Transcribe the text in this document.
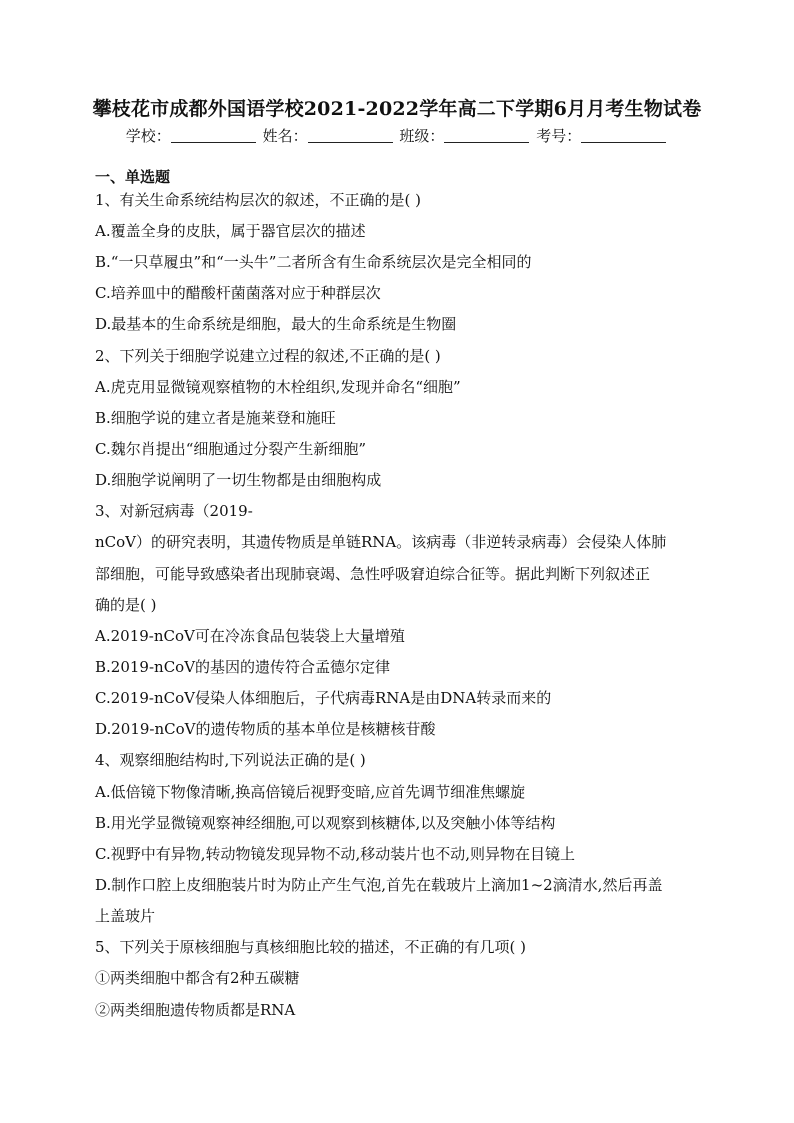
攀枝花市成都外国语学校2021-2022学年高二下学期6月月考生物试卷
学校：	姓名：	班级：	考号：
一、单选题
1、有关生命系统结构层次的叙述，不正确的是( )
A.覆盖全身的皮肤，属于器官层次的描述
B.“一只草履虫”和“一头牛”二者所含有生命系统层次是完全相同的
C.培养皿中的醋酸杆菌菌落对应于种群层次
D.最基本的生命系统是细胞，最大的生命系统是生物圈
2、下列关于细胞学说建立过程的叙述,不正确的是( )
A.虎克用显微镜观察植物的木栓组织,发现并命名“细胞”
B.细胞学说的建立者是施莱登和施旺
C.魏尔肖提出“细胞通过分裂产生新细胞”
D.细胞学说阐明了一切生物都是由细胞构成
3、对新冠病毒（2019-
nCoV）的研究表明，其遗传物质是单链RNA。该病毒（非逆转录病毒）会侵染人体肺
部细胞，可能导致感染者出现肺衰竭、急性呼吸窘迫综合征等。据此判断下列叙述正
确的是( )
A.2019-nCoV可在冷冻食品包装袋上大量增殖
B.2019-nCoV的基因的遗传符合孟德尔定律
C.2019-nCoV侵染人体细胞后，子代病毒RNA是由DNA转录而来的
D.2019-nCoV的遗传物质的基本单位是核糖核苷酸
4、观察细胞结构时,下列说法正确的是( )
A.低倍镜下物像清晰,换高倍镜后视野变暗,应首先调节细准焦螺旋
B.用光学显微镜观察神经细胞,可以观察到核糖体,以及突触小体等结构
C.视野中有异物,转动物镜发现异物不动,移动装片也不动,则异物在目镜上
D.制作口腔上皮细胞装片时为防止产生气泡,首先在载玻片上滴加1~2滴清水,然后再盖
上盖玻片
5、下列关于原核细胞与真核细胞比较的描述，不正确的有几项( )
①两类细胞中都含有2种五碳糖
②两类细胞遗传物质都是RNA
